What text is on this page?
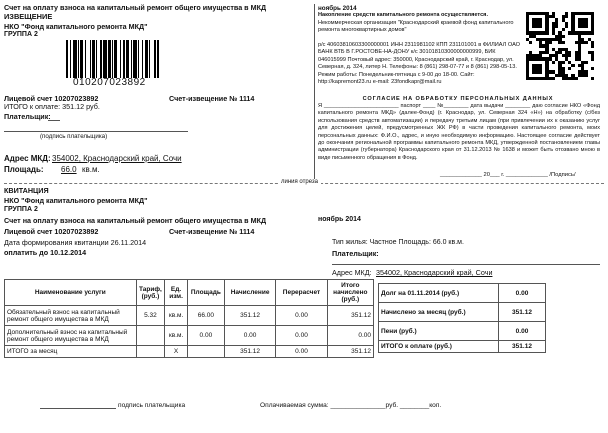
Счет на оплату взноса на капитальный ремонт общего имущества в МКД
ИЗВЕЩЕНИЕ
НКО "Фонд капитального ремонта МКД"
ГРУППА 2
010207023892
Лицевой счет 10207023892	Счет-извещение № 1114
ИТОГО к оплате: 351.12 руб.
Плательщик:
(подпись плательщика)
Адрес МКД: 354002, Краснодарский край, Сочи
Площадь: 66.0 кв.м.
ноябрь 2014
Накопление средств капитального ремонта осуществляется.
Некоммерческая организация "Краснодарский краевой фонд капитального ремонта многоквартирных домов"
р/с 40603810603300000001 ИНН 2311981102 КПП 231101001 в ФИЛИАЛ ОАО БАНК ВТБ В Г.РОСТОВЕ-НА-ДОНУ к/с 30101810300000000999, БИК 046015999 Почтовый адрес: 350000, Краснодарский край, г. Краснодар, ул. Северная, д. 324, литер Н. Телефоны: 8 (861) 298-07-77 и 8 (861) 298-05-13. Режим работы: Понедельник-пятница с 9-00 до 18-00. Сайт: http://kapremont23.ru e-mail: 23fondkapr@mail.ru
СОГЛАСИЕ НА ОБРАБОТКУ ПЕРСОНАЛЬНЫХ ДАННЫХ
Я ________________________ паспорт ____ №________ дата выдачи ________ даю согласие НКО «Фонд капитального ремонта МКД» (далее-Фонд) (г. Краснодар, ул. Северная 324 «Н») на обработку (с/без использования средств автоматизации) и передачу третьим лицам (при привлечении их к оказанию услуг для достижения целей, предусмотренных ЖК РФ) в части проведения капитального ремонта, моих персональных данных: Ф.И.О., адрес, и иную необходимую информацию. Настоящее согласие действует до окончания региональной программы капитального ремонта МКД, утвержденной постановлением главы администрации (губернатора) Краснодарского края от 31.12.2013 № 1638 и может быть отозвано мною в виде письменного обращения в Фонд.
_____________ 20___ г. _____________ /Подпись/
линия отреза
КВИТАНЦИЯ
НКО "Фонд капитального ремонта МКД"
ГРУППА 2
Счет на оплату взноса на капитальный ремонт общего имущества в МКД	ноябрь 2014
Лицевой счет 10207023892	Счет-извещение № 1114
Дата формирования квитанции 26.11.2014
оплатить до 10.12.2014
Тип жилья: Частное Площадь: 66.0 кв.м.
Плательщик:
Адрес МКД: 354002, Краснодарский край, Сочи
Наименование услуги	Тариф, (руб.)	Ед. изм.	Площадь	Начисление	Перерасчет	Итого начислено (руб.)
Обязательный взнос на капитальный ремонт общего имущества в МКД	5.32	кв.м.	66.00	351.12	0.00	351.12
Дополнительный взнос на капитальный ремонт общего имущества в МКД		кв.м.	0.00	0.00	0.00	0.00
ИТОГО за месяц		Х		351.12	0.00	351.12
Долг на 01.11.2014 (руб.)	0.00
Начислено за месяц (руб.)	351.12
Пени (руб.)	0.00
ИТОГО к оплате (руб.)	351.12
подпись плательщика	Оплачиваемая сумма: _______________руб. ________коп.
